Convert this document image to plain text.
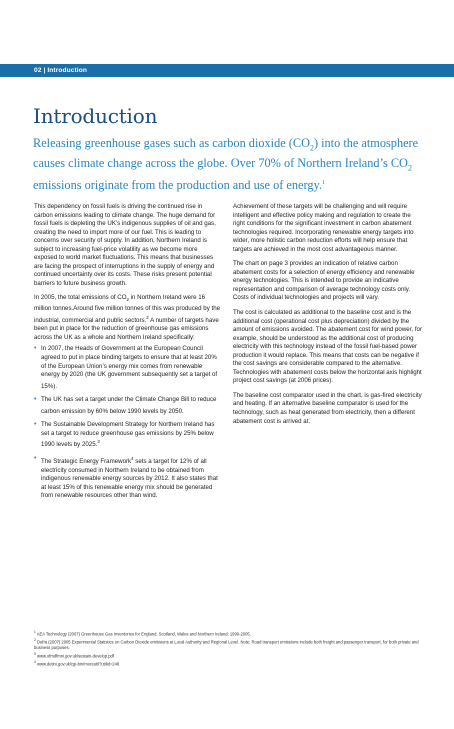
02 | Introduction
Introduction

Releasing greenhouse gases such as carbon dioxide $(CO_2)$ into the atmosphere causes climate change across the globe. Over 70% of Northern Ireland’s $CO_2$ emissions originate from the production and use of energy.$^1$

This dependency on fossil fuels is driving the continued rise in carbon emissions leading to climate change. The huge demand for fossil fuels is depleting the UK’s indigenous supplies of oil and gas, creating the need to import more of our fuel. This is leading to concerns over security of supply. In addition, Northern Ireland is subject to increasing fuel-price volatility as we become more exposed to world market fluctuations. This means that businesses are facing the prospect of interruptions in the supply of energy and continued uncertainty over its costs. These risks present potential barriers to future business growth.

In 2005, the total emissions of $CO_2$ in Northern Ireland were 16 million tonnes.Around five million tonnes of this was produced by the industrial, commercial and public sectors.$^2$ A number of targets have been put in place for the reduction of greenhouse gas emissions across the UK as a whole and Northern Ireland specifically:

• In 2007, the Heads of Government at the European Council agreed to put in place binding targets to ensure that at least 20% of the European Union’s energy mix comes from renewable energy by 2020 (the UK government subsequently set a target of 15%).
• The UK has set a target under the Climate Change Bill to reduce carbon emission by 60% below 1990 levels by 2050.
• The Sustainable Development Strategy for Northern Ireland has set a target to reduce greenhouse gas emissions by 25% below 1990 levels by 2025.$^3$
• The Strategic Energy Framework$^4$ sets a target for 12% of all electricity consumed in Northern Ireland to be obtained from indigenous renewable energy sources by 2012. It also states that at least 15% of this renewable energy mix should be generated from renewable resources other than wind.

Achievement of these targets will be challenging and will require intelligent and effective policy making and regulation to create the right conditions for the significant investment in carbon abatement technologies required. Incorporating renewable energy targets into wider, more holistic carbon reduction efforts will help ensure that targets are achieved in the most cost advantageous manner.

The chart on page 3 provides an indication of relative carbon abatement costs for a selection of energy efficiency and renewable energy technologies. This is intended to provide an indicative representation and comparison of average technology costs only. Costs of individual technologies and projects will vary.

The cost is calculated as additional to the baseline cost and is the additional cost (operational cost plus depreciation) divided by the amount of emissions avoided. The abatement cost for wind power, for example, should be understood as the additional cost of producing electricity with this technology instead of the fossil fuel-based power production it would replace. This means that costs can be negative if the cost savings are considerable compared to the alternative. Technologies with abatement costs below the horizontal axis highlight project cost savings (at 2006 prices).

The baseline cost comparator used in the chart, is gas-fired electricity and heating. If an alternative baseline comparator is used for the technology, such as heat generated from electricity, then a different abatement cost is arrived at.

$^1$ AEA Technology (2007) Greenhouse Gas Inventories for England, Scotland, Wales and Northern Ireland: 1990-2005.
$^2$ Defra (2007) 2005 Experimental Statistics on Carbon Dioxide emissions at Local Authority and Regional Level. Note: Road transport emissions include both freight and passenger transport, for both private and business purposes.
$^3$ www.ofmdfmni.gov.uk/sustain-develop.pdf
$^4$ www.detini.gov.uk/cgi-bin/moreutil?utilid=248
